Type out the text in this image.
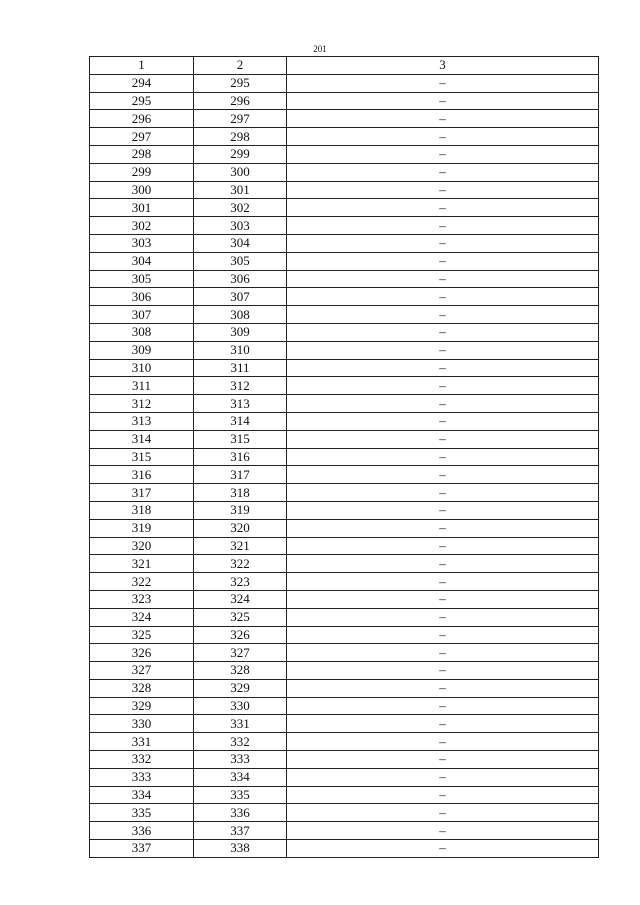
201
1	2	3
294	295	–
295	296	–
296	297	–
297	298	–
298	299	–
299	300	–
300	301	–
301	302	–
302	303	–
303	304	–
304	305	–
305	306	–
306	307	–
307	308	–
308	309	–
309	310	–
310	311	–
311	312	–
312	313	–
313	314	–
314	315	–
315	316	–
316	317	–
317	318	–
318	319	–
319	320	–
320	321	–
321	322	–
322	323	–
323	324	–
324	325	–
325	326	–
326	327	–
327	328	–
328	329	–
329	330	–
330	331	–
331	332	–
332	333	–
333	334	–
334	335	–
335	336	–
336	337	–
337	338	–
